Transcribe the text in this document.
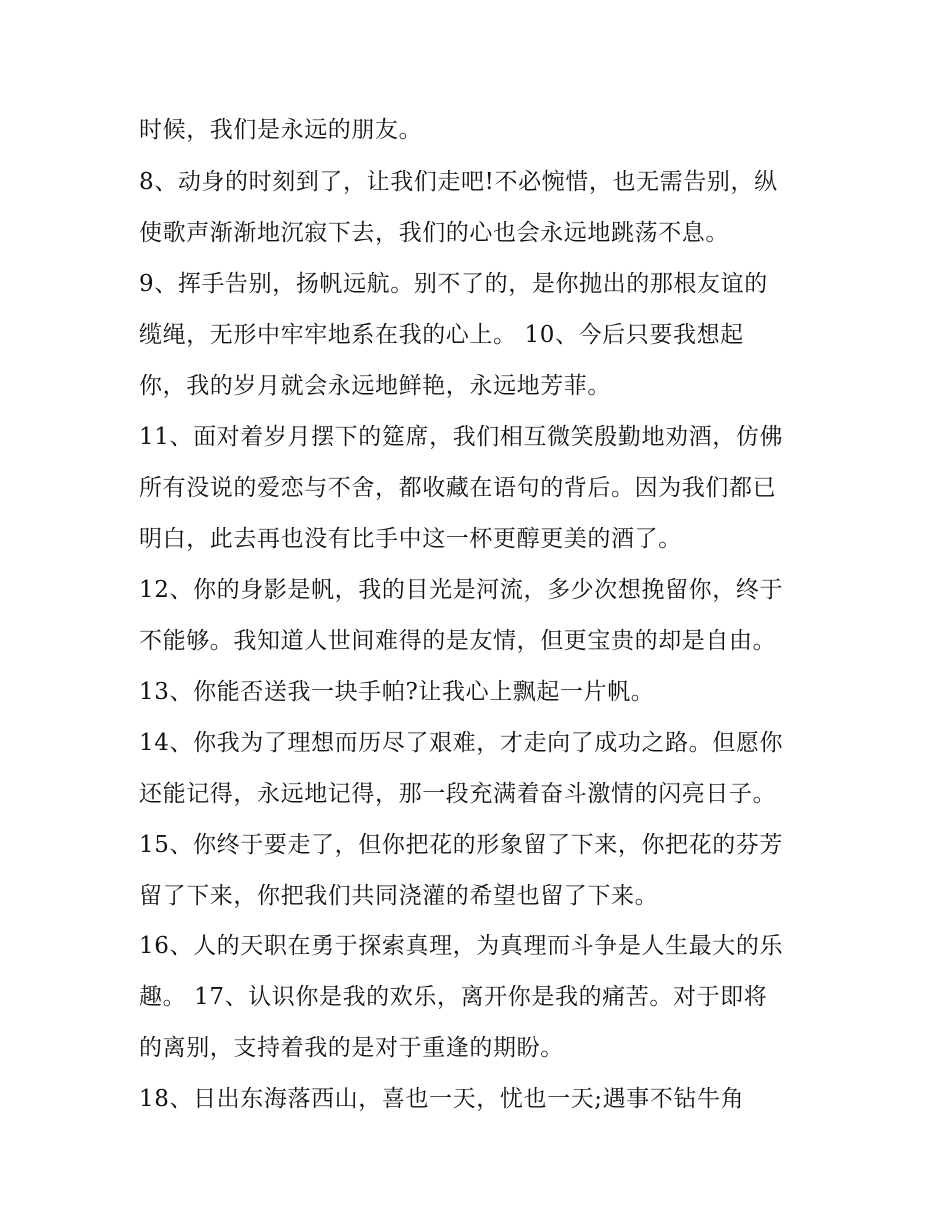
时候，我们是永远的朋友。
8、动身的时刻到了，让我们走吧!不必惋惜，也无需告别，纵
使歌声渐渐地沉寂下去，我们的心也会永远地跳荡不息。
9、挥手告别，扬帆远航。别不了的，是你抛出的那根友谊的
缆绳，无形中牢牢地系在我的心上。 10、今后只要我想起
你，我的岁月就会永远地鲜艳，永远地芳菲。
11、面对着岁月摆下的筵席，我们相互微笑殷勤地劝酒，仿佛
所有没说的爱恋与不舍，都收藏在语句的背后。因为我们都已
明白，此去再也没有比手中这一杯更醇更美的酒了。
12、你的身影是帆，我的目光是河流，多少次想挽留你，终于
不能够。我知道人世间难得的是友情，但更宝贵的却是自由。
13、你能否送我一块手帕?让我心上飘起一片帆。
14、你我为了理想而历尽了艰难，才走向了成功之路。但愿你
还能记得，永远地记得，那一段充满着奋斗激情的闪亮日子。
15、你终于要走了，但你把花的形象留了下来，你把花的芬芳
留了下来，你把我们共同浇灌的希望也留了下来。
16、人的天职在勇于探索真理，为真理而斗争是人生最大的乐
趣。 17、认识你是我的欢乐，离开你是我的痛苦。对于即将
的离别，支持着我的是对于重逢的期盼。
18、日出东海落西山，喜也一天，忧也一天;遇事不钻牛角
